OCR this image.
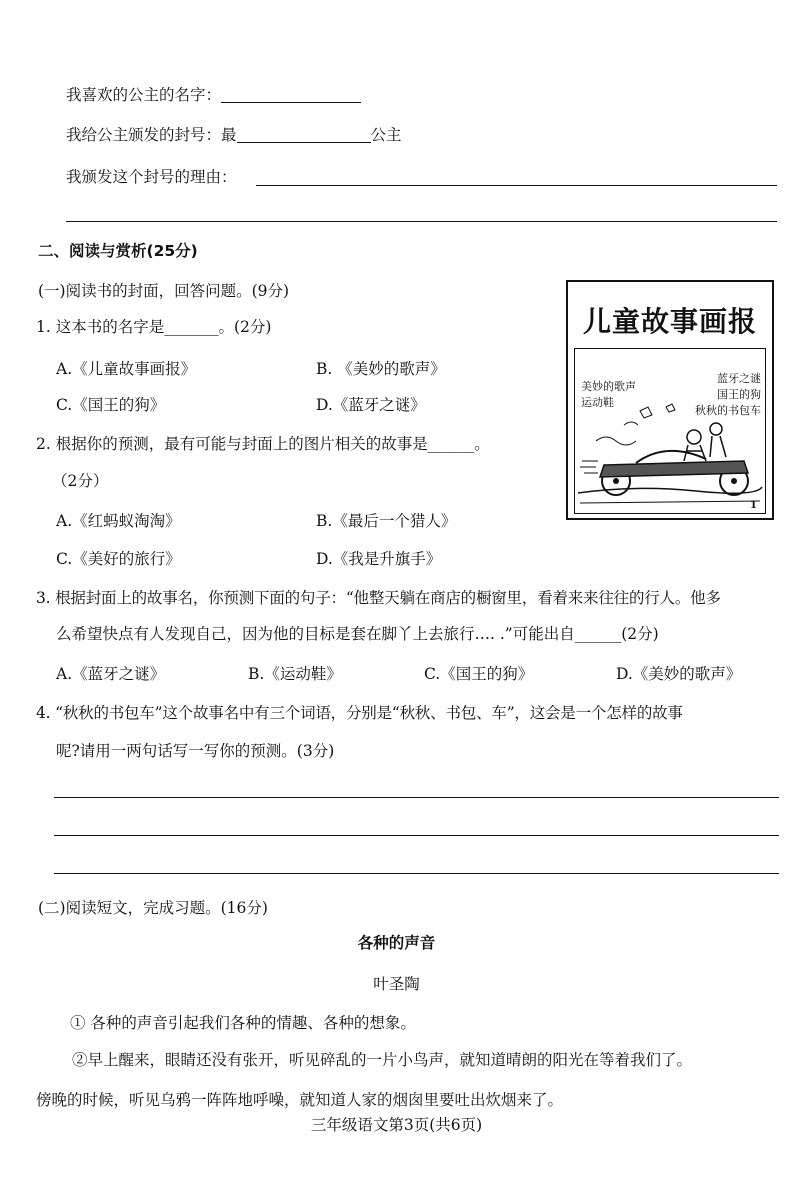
我喜欢的公主的名字：
我给公主颁发的封号：最	公主
我颁发这个封号的理由：
二、阅读与赏析(25分)
(一)阅读书的封面，回答问题。(9分)
1. 这本书的名字是_______。(2分)
A.《儿童故事画报》	B. 《美妙的歌声》
C.《国王的狗》	D.《蓝牙之谜》
2. 根据你的预测，最有可能与封面上的图片相关的故事是______。
（2分）
A.《红蚂蚁淘淘》	B.《最后一个猎人》
C.《美好的旅行》	D.《我是升旗手》
儿童故事画报
美妙的歌声
运动鞋
蓝牙之谜
国王的狗
秋秋的书包车
1
3. 根据封面上的故事名，你预测下面的句子：“他整天躺在商店的橱窗里，看着来来往往的行人。他多
么希望快点有人发现自己，因为他的目标是套在脚丫上去旅行…. .”可能出自______(2分)
A.《蓝牙之谜》	B.《运动鞋》	C.《国王的狗》	D.《美妙的歌声》
4. “秋秋的书包车”这个故事名中有三个词语，分别是“秋秋、书包、车”，这会是一个怎样的故事
呢?请用一两句话写一写你的预测。(3分)
(二)阅读短文，完成习题。(16分)
各种的声音
叶圣陶
① 各种的声音引起我们各种的情趣、各种的想象。
②早上醒来，眼睛还没有张开，听见碎乱的一片小鸟声，就知道晴朗的阳光在等着我们了。
傍晚的时候，听见乌鸦一阵阵地呼噪，就知道人家的烟囱里要吐出炊烟来了。
三年级语文第3页(共6页)
